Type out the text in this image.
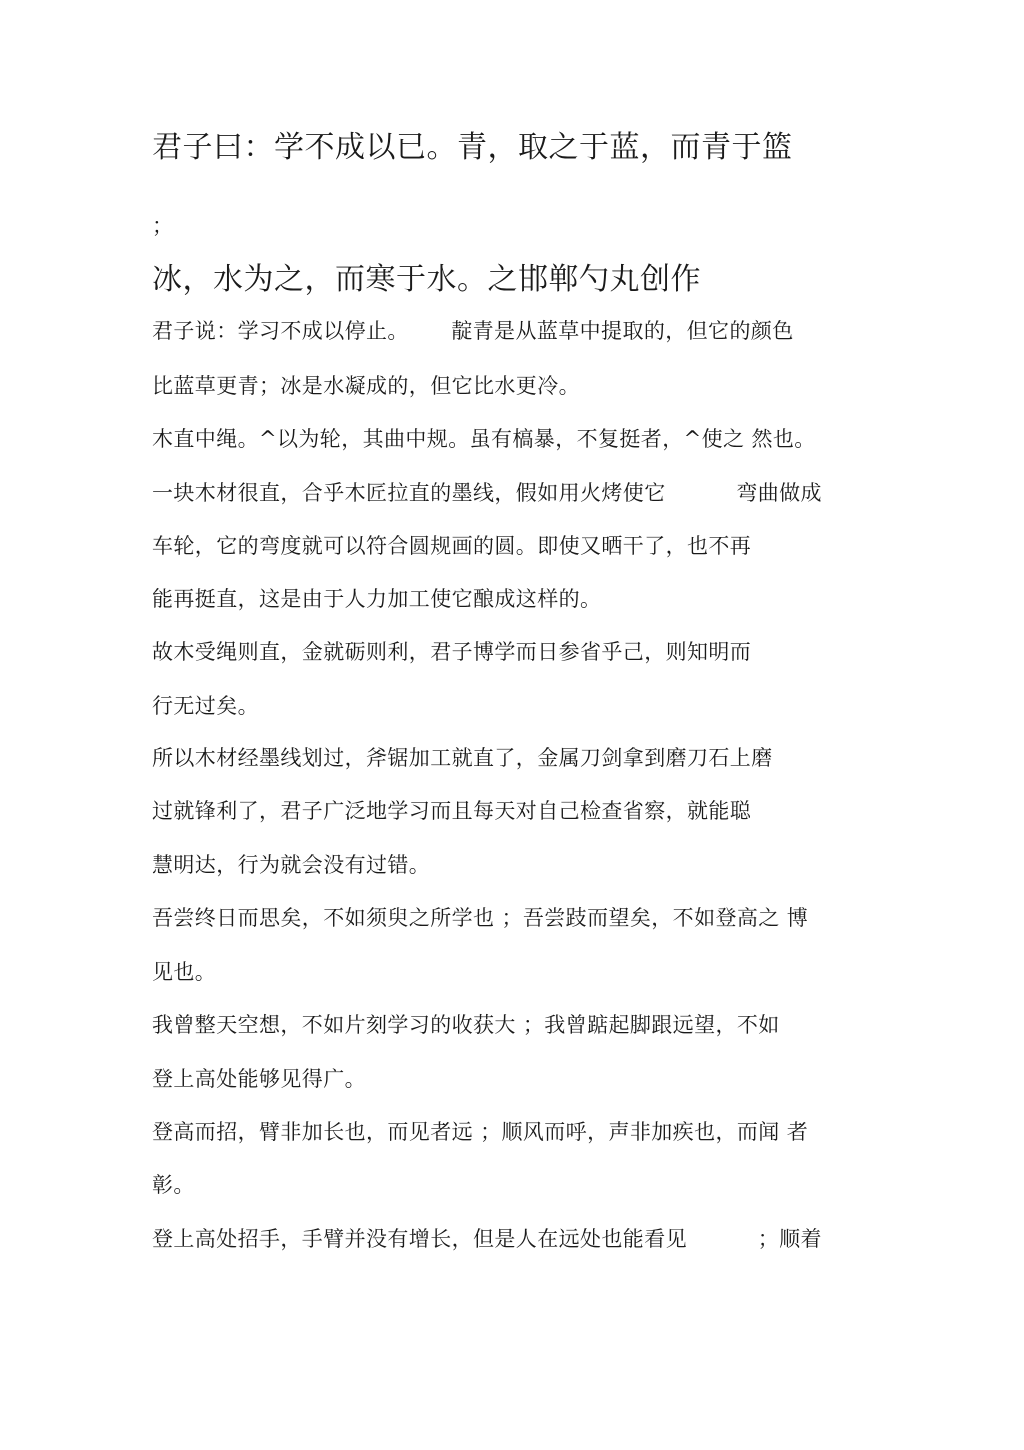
君子曰：学不成以已。青，取之于蓝，而青于篮

；

冰，水为之，而寒于水。之邯郸勺丸创作

君子说：学习不成以停止。      靛青是从蓝草中提取的，但它的颜色

比蓝草更青；冰是水凝成的，但它比水更冷。

木直中绳。^以为轮，其曲中规。虽有槁暴，不复挺者，^使之 然也。

一块木材很直，合乎木匠拉直的墨线，假如用火烤使它          弯曲做成

车轮，它的弯度就可以符合圆规画的圆。即使又晒干了，也不再

能再挺直，这是由于人力加工使它酿成这样的。

故木受绳则直，金就砺则利，君子博学而日参省乎己，则知明而

行无过矣。

所以木材经墨线划过，斧锯加工就直了，金属刀剑拿到磨刀石上磨

过就锋利了，君子广泛地学习而且每天对自己检查省察，就能聪

慧明达，行为就会没有过错。

吾尝终日而思矣，不如须臾之所学也 ；吾尝跂而望矣，不如登高之 博

见也。

我曾整天空想，不如片刻学习的收获大 ；我曾踮起脚跟远望，不如

登上高处能够见得广。

登高而招，臂非加长也，而见者远 ；顺风而呼，声非加疾也，而闻 者

彰。

登上高处招手，手臂并没有增长，但是人在远处也能看见          ；顺着
